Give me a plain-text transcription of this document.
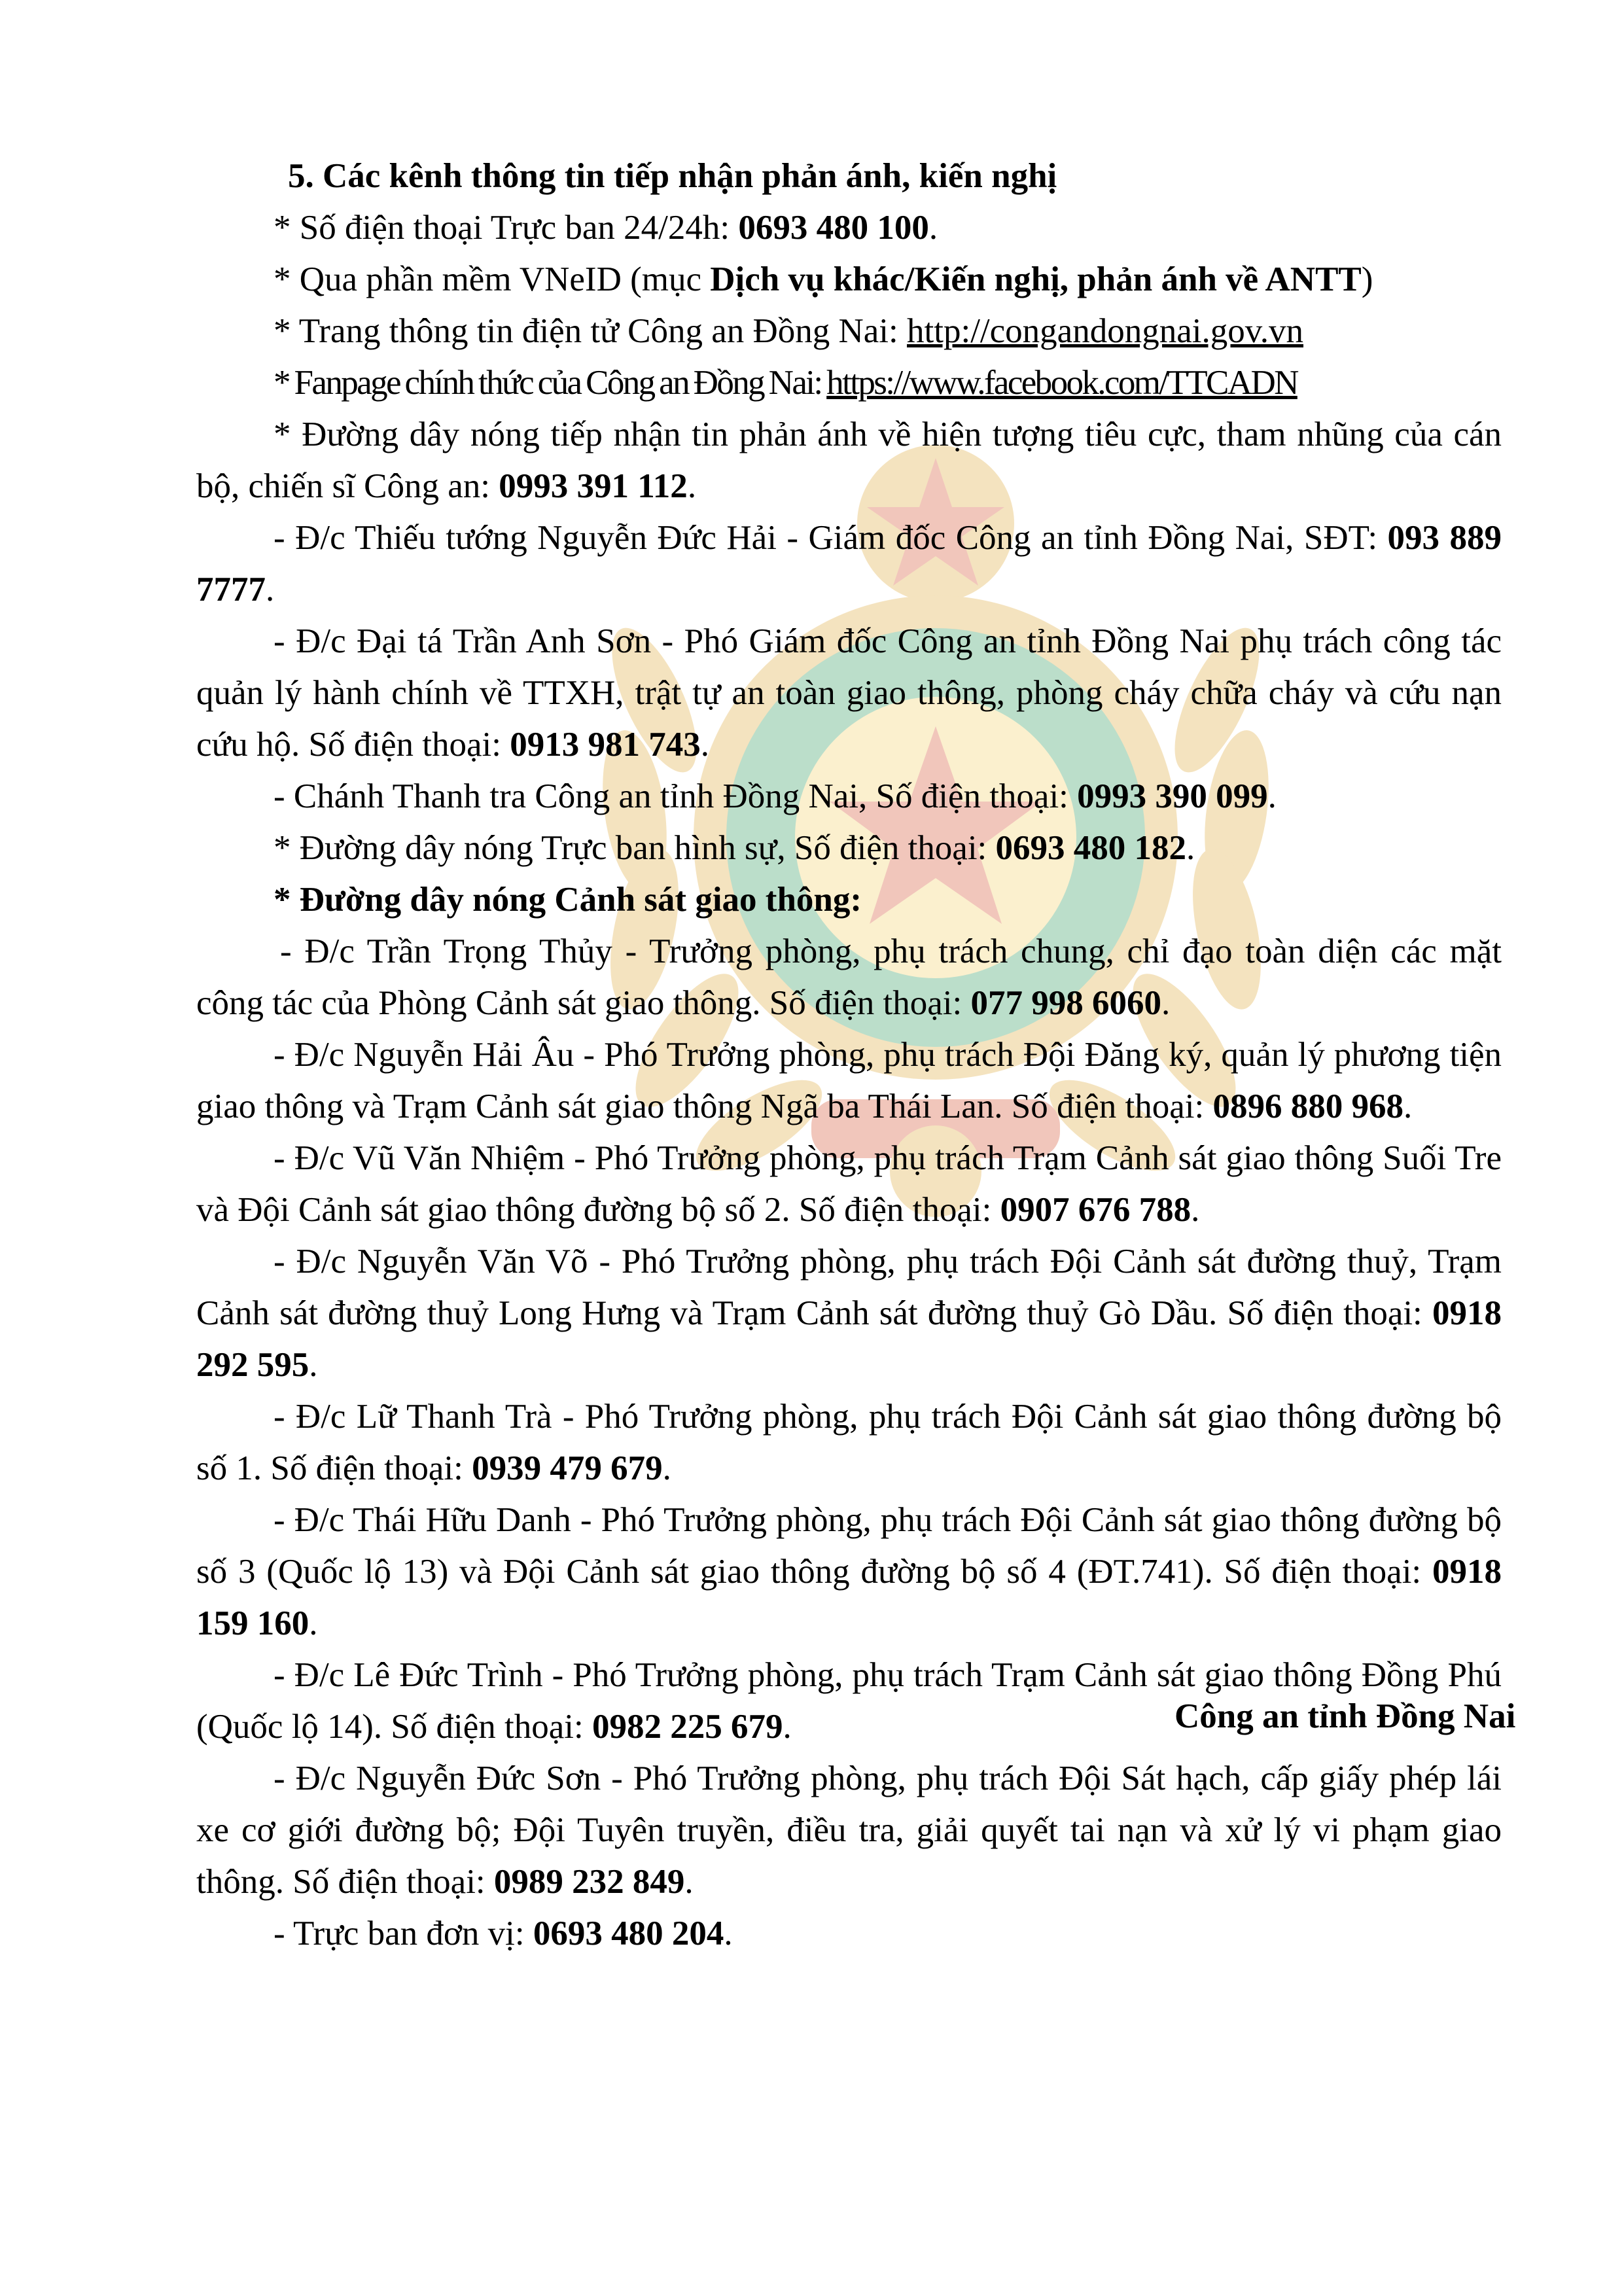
5. Các kênh thông tin tiếp nhận phản ánh, kiến nghị

* Số điện thoại Trực ban 24/24h: 0693 480 100.

* Qua phần mềm VNeID (mục Dịch vụ khác/Kiến nghị, phản ánh về ANTT)

* Trang thông tin điện tử Công an Đồng Nai: http://congandongnai.gov.vn

* Fanpage chính thức của Công an Đồng Nai: https://www.facebook.com/TTCADN

* Đường dây nóng tiếp nhận tin phản ánh về hiện tượng tiêu cực, tham nhũng của cán bộ, chiến sĩ Công an: 0993 391 112.

- Đ/c Thiếu tướng Nguyễn Đức Hải - Giám đốc Công an tỉnh Đồng Nai, SĐT: 093 889 7777.

- Đ/c Đại tá Trần Anh Sơn - Phó Giám đốc Công an tỉnh Đồng Nai phụ trách công tác quản lý hành chính về TTXH, trật tự an toàn giao thông, phòng cháy chữa cháy và cứu nạn cứu hộ. Số điện thoại: 0913 981 743.

- Chánh Thanh tra Công an tỉnh Đồng Nai, Số điện thoại: 0993 390 099.

* Đường dây nóng Trực ban hình sự, Số điện thoại: 0693 480 182.

* Đường dây nóng Cảnh sát giao thông:

- Đ/c Trần Trọng Thủy - Trưởng phòng, phụ trách chung, chỉ đạo toàn diện các mặt công tác của Phòng Cảnh sát giao thông. Số điện thoại: 077 998 6060.

- Đ/c Nguyễn Hải Âu - Phó Trưởng phòng, phụ trách Đội Đăng ký, quản lý phương tiện giao thông và Trạm Cảnh sát giao thông Ngã ba Thái Lan. Số điện thoại: 0896 880 968.

- Đ/c Vũ Văn Nhiệm - Phó Trưởng phòng, phụ trách Trạm Cảnh sát giao thông Suối Tre và Đội Cảnh sát giao thông đường bộ số 2. Số điện thoại: 0907 676 788.

- Đ/c Nguyễn Văn Võ - Phó Trưởng phòng, phụ trách Đội Cảnh sát đường thuỷ, Trạm Cảnh sát đường thuỷ Long Hưng và Trạm Cảnh sát đường thuỷ Gò Dầu. Số điện thoại: 0918 292 595.

- Đ/c Lữ Thanh Trà - Phó Trưởng phòng, phụ trách Đội Cảnh sát giao thông đường bộ số 1. Số điện thoại: 0939 479 679.

- Đ/c Thái Hữu Danh - Phó Trưởng phòng, phụ trách Đội Cảnh sát giao thông đường bộ số 3 (Quốc lộ 13) và Đội Cảnh sát giao thông đường bộ số 4 (ĐT.741). Số điện thoại: 0918 159 160.

- Đ/c Lê Đức Trình - Phó Trưởng phòng, phụ trách Trạm Cảnh sát giao thông Đồng Phú (Quốc lộ 14). Số điện thoại: 0982 225 679.

- Đ/c Nguyễn Đức Sơn - Phó Trưởng phòng, phụ trách Đội Sát hạch, cấp giấy phép lái xe cơ giới đường bộ; Đội Tuyên truyền, điều tra, giải quyết tai nạn và xử lý vi phạm giao thông. Số điện thoại: 0989 232 849.

- Trực ban đơn vị: 0693 480 204.

Công an tỉnh Đồng Nai
